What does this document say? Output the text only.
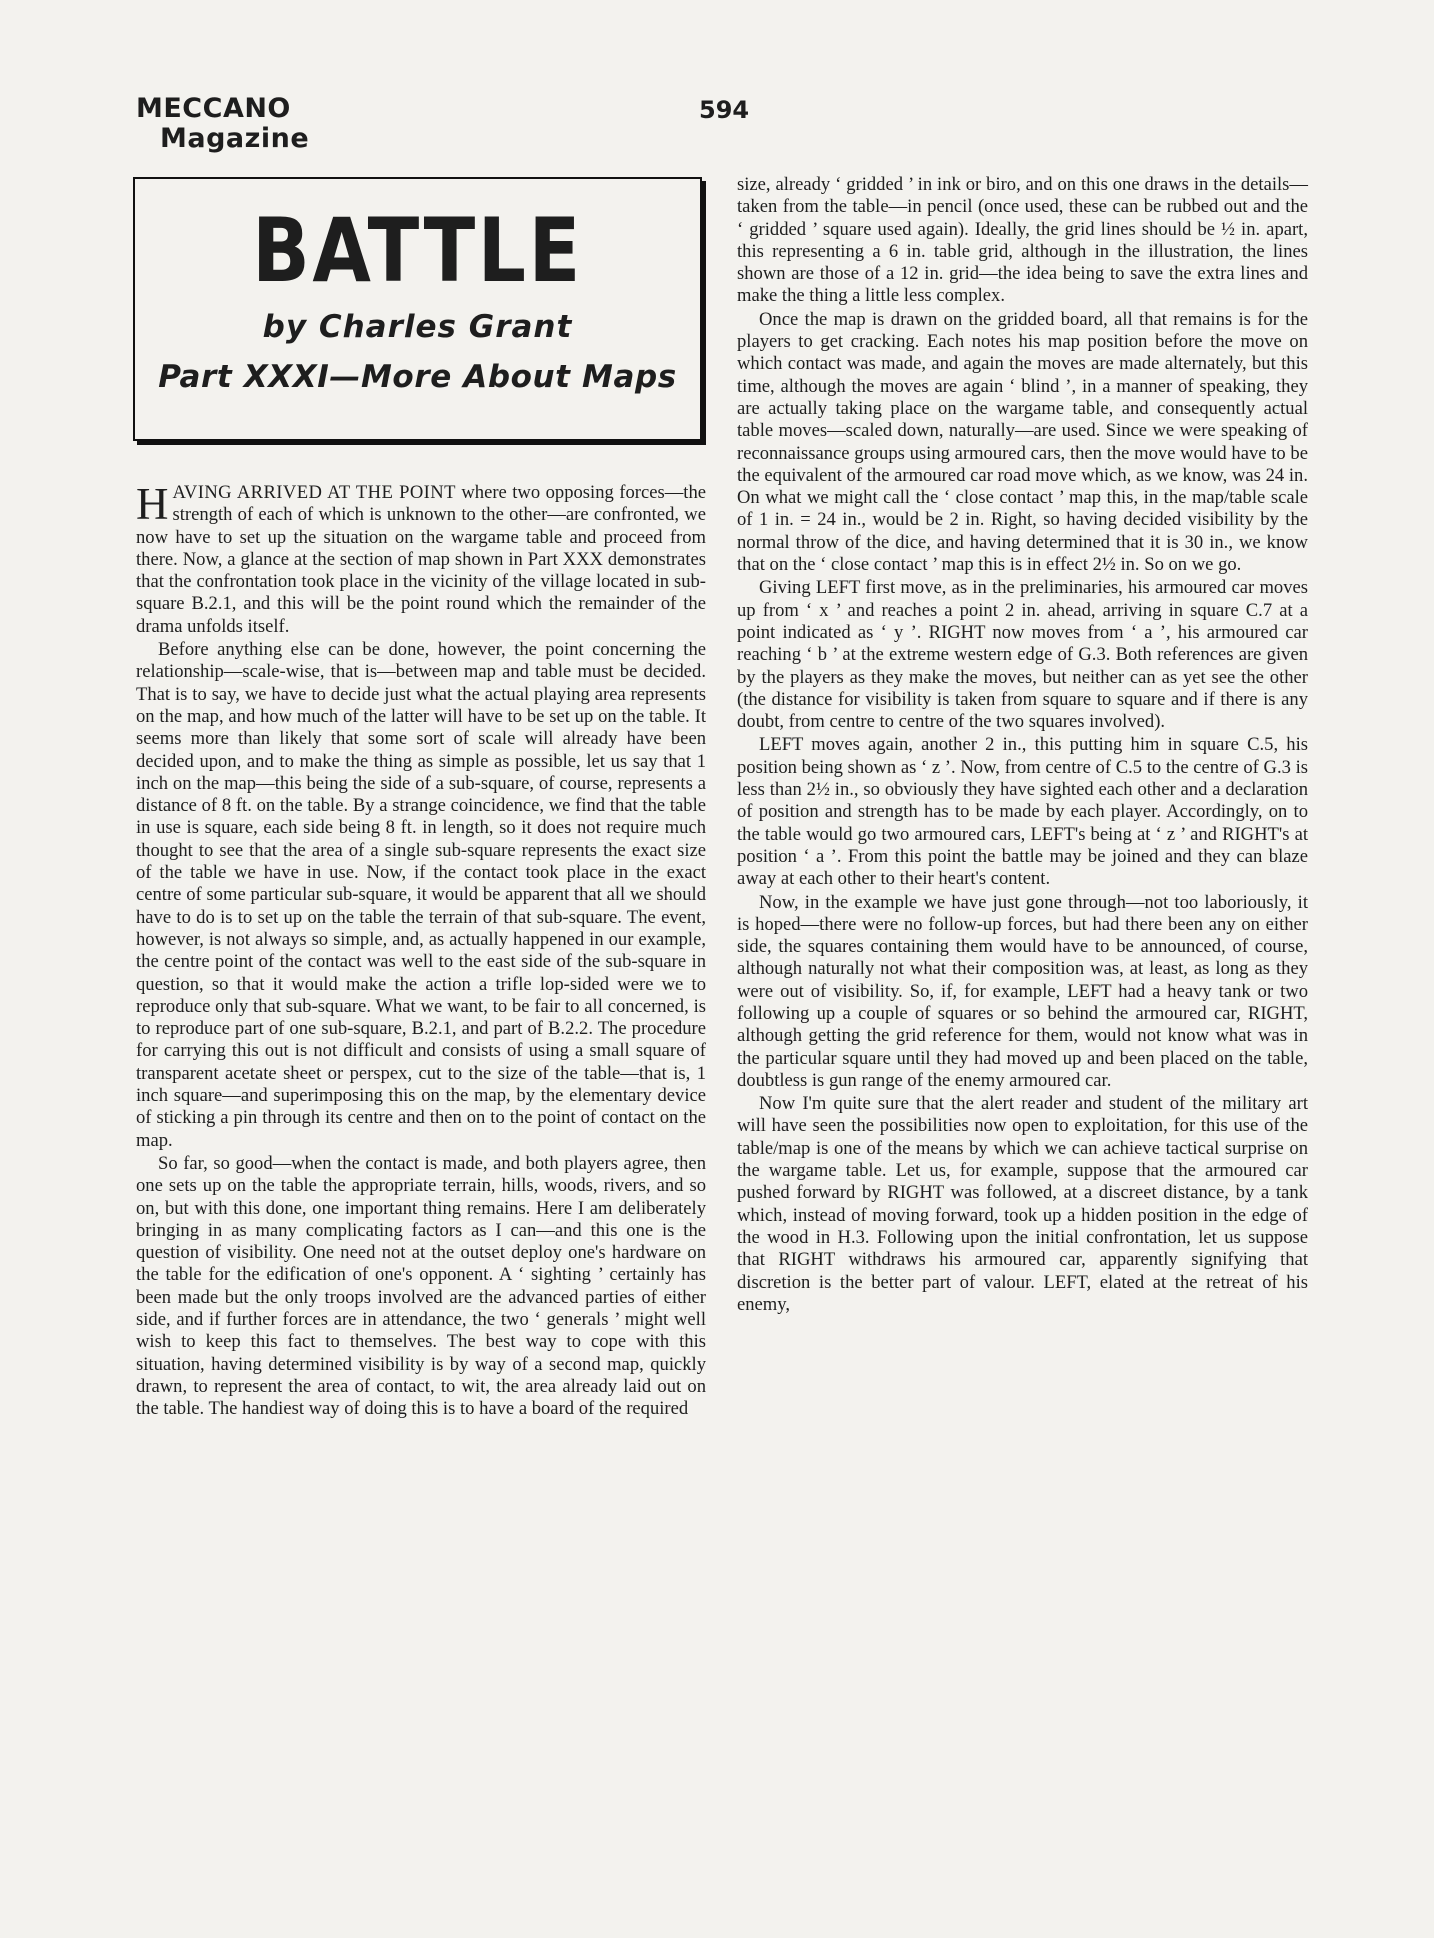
MECCANO
Magazine
594
BATTLE
by Charles Grant
Part XXXI—More About Maps

HAVING ARRIVED AT THE POINT where two opposing forces—the strength of each of which is unknown to the other—are confronted, we now have to set up the situation on the wargame table and proceed from there. Now, a glance at the section of map shown in Part XXX demonstrates that the confrontation took place in the vicinity of the village located in sub-square B.2.1, and this will be the point round which the remainder of the drama unfolds itself.

Before anything else can be done, however, the point concerning the relationship—scale-wise, that is—between map and table must be decided. That is to say, we have to decide just what the actual playing area represents on the map, and how much of the latter will have to be set up on the table. It seems more than likely that some sort of scale will already have been decided upon, and to make the thing as simple as possible, let us say that 1 inch on the map—this being the side of a sub-square, of course, represents a distance of 8 ft. on the table. By a strange coincidence, we find that the table in use is square, each side being 8 ft. in length, so it does not require much thought to see that the area of a single sub-square represents the exact size of the table we have in use. Now, if the contact took place in the exact centre of some particular sub-square, it would be apparent that all we should have to do is to set up on the table the terrain of that sub-square. The event, however, is not always so simple, and, as actually happened in our example, the centre point of the contact was well to the east side of the sub-square in question, so that it would make the action a trifle lop-sided were we to reproduce only that sub-square. What we want, to be fair to all concerned, is to reproduce part of one sub-square, B.2.1, and part of B.2.2. The procedure for carrying this out is not difficult and consists of using a small square of transparent acetate sheet or perspex, cut to the size of the table—that is, 1 inch square—and superimposing this on the map, by the elementary device of sticking a pin through its centre and then on to the point of contact on the map.

So far, so good—when the contact is made, and both players agree, then one sets up on the table the appropriate terrain, hills, woods, rivers, and so on, but with this done, one important thing remains. Here I am deliberately bringing in as many complicating factors as I can—and this one is the question of visibility. One need not at the outset deploy one's hardware on the table for the edification of one's opponent. A ‘ sighting ’ certainly has been made but the only troops involved are the advanced parties of either side, and if further forces are in attendance, the two ‘ generals ’ might well wish to keep this fact to themselves. The best way to cope with this situation, having determined visibility is by way of a second map, quickly drawn, to represent the area of contact, to wit, the area already laid out on the table. The handiest way of doing this is to have a board of the required

size, already ‘ gridded ’ in ink or biro, and on this one draws in the details—taken from the table—in pencil (once used, these can be rubbed out and the ‘ gridded ’ square used again). Ideally, the grid lines should be ½ in. apart, this representing a 6 in. table grid, although in the illustration, the lines shown are those of a 12 in. grid—the idea being to save the extra lines and make the thing a little less complex.

Once the map is drawn on the gridded board, all that remains is for the players to get cracking. Each notes his map position before the move on which contact was made, and again the moves are made alternately, but this time, although the moves are again ‘ blind ’, in a manner of speaking, they are actually taking place on the wargame table, and consequently actual table moves—scaled down, naturally—are used. Since we were speaking of reconnaissance groups using armoured cars, then the move would have to be the equivalent of the armoured car road move which, as we know, was 24 in. On what we might call the ‘ close contact ’ map this, in the map/table scale of 1 in. = 24 in., would be 2 in. Right, so having decided visibility by the normal throw of the dice, and having determined that it is 30 in., we know that on the ‘ close contact ’ map this is in effect 2½ in. So on we go.

Giving LEFT first move, as in the preliminaries, his armoured car moves up from ‘ x ’ and reaches a point 2 in. ahead, arriving in square C.7 at a point indicated as ‘ y ’. RIGHT now moves from ‘ a ’, his armoured car reaching ‘ b ’ at the extreme western edge of G.3. Both references are given by the players as they make the moves, but neither can as yet see the other (the distance for visibility is taken from square to square and if there is any doubt, from centre to centre of the two squares involved).

LEFT moves again, another 2 in., this putting him in square C.5, his position being shown as ‘ z ’. Now, from centre of C.5 to the centre of G.3 is less than 2½ in., so obviously they have sighted each other and a declaration of position and strength has to be made by each player. Accordingly, on to the table would go two armoured cars, LEFT's being at ‘ z ’ and RIGHT's at position ‘ a ’. From this point the battle may be joined and they can blaze away at each other to their heart's content.

Now, in the example we have just gone through—not too laboriously, it is hoped—there were no follow-up forces, but had there been any on either side, the squares containing them would have to be announced, of course, although naturally not what their composition was, at least, as long as they were out of visibility. So, if, for example, LEFT had a heavy tank or two following up a couple of squares or so behind the armoured car, RIGHT, although getting the grid reference for them, would not know what was in the particular square until they had moved up and been placed on the table, doubtless is gun range of the enemy armoured car.

Now I'm quite sure that the alert reader and student of the military art will have seen the possibilities now open to exploitation, for this use of the table/map is one of the means by which we can achieve tactical surprise on the wargame table. Let us, for example, suppose that the armoured car pushed forward by RIGHT was followed, at a discreet distance, by a tank which, instead of moving forward, took up a hidden position in the edge of the wood in H.3. Following upon the initial confrontation, let us suppose that RIGHT withdraws his armoured car, apparently signifying that discretion is the better part of valour. LEFT, elated at the retreat of his enemy,
